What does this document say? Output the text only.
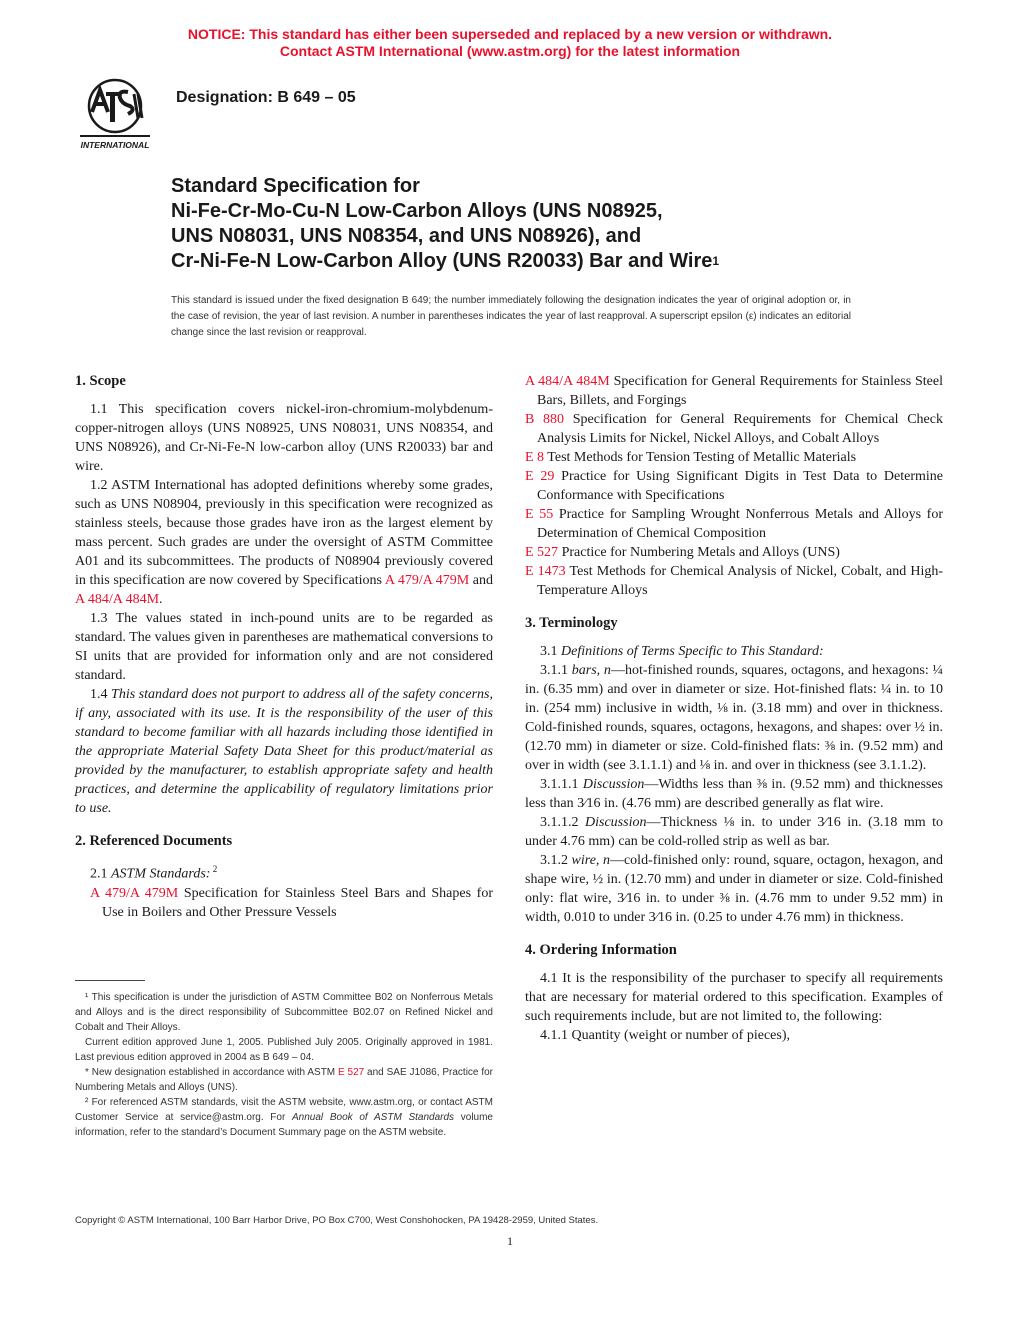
NOTICE: This standard has either been superseded and replaced by a new version or withdrawn.
Contact ASTM International (www.astm.org) for the latest information
INTERNATIONAL
Designation: B 649 – 05
Standard Specification for
Ni-Fe-Cr-Mo-Cu-N Low-Carbon Alloys (UNS N08925,
UNS N08031, UNS N08354, and UNS N08926), and
Cr-Ni-Fe-N Low-Carbon Alloy (UNS R20033) Bar and Wire$^1$
This standard is issued under the fixed designation B 649; the number immediately following the designation indicates the year of original adoption or, in the case of revision, the year of last revision. A number in parentheses indicates the year of last reapproval. A superscript epsilon (ε) indicates an editorial change since the last revision or reapproval.
1. Scope

1.1 This specification covers nickel-iron-chromium-molybdenum-copper-nitrogen alloys (UNS N08925, UNS N08031, UNS N08354, and UNS N08926), and Cr-Ni-Fe-N low-carbon alloy (UNS R20033) bar and wire.

1.2 ASTM International has adopted definitions whereby some grades, such as UNS N08904, previously in this specification were recognized as stainless steels, because those grades have iron as the largest element by mass percent. Such grades are under the oversight of ASTM Committee A01 and its subcommittees. The products of N08904 previously covered in this specification are now covered by Specifications A 479/A 479M and A 484/A 484M.

1.3 The values stated in inch-pound units are to be regarded as standard. The values given in parentheses are mathematical conversions to SI units that are provided for information only and are not considered standard.

1.4 This standard does not purport to address all of the safety concerns, if any, associated with its use. It is the responsibility of the user of this standard to become familiar with all hazards including those identified in the appropriate Material Safety Data Sheet for this product/material as provided by the manufacturer, to establish appropriate safety and health practices, and determine the applicability of regulatory limitations prior to use.

2. Referenced Documents

2.1 ASTM Standards: $^2$

A 479/A 479M Specification for Stainless Steel Bars and Shapes for Use in Boilers and Other Pressure Vessels

A 484/A 484M Specification for General Requirements for Stainless Steel Bars, Billets, and Forgings

B 880 Specification for General Requirements for Chemical Check Analysis Limits for Nickel, Nickel Alloys, and Cobalt Alloys

E 8 Test Methods for Tension Testing of Metallic Materials

E 29 Practice for Using Significant Digits in Test Data to Determine Conformance with Specifications

E 55 Practice for Sampling Wrought Nonferrous Metals and Alloys for Determination of Chemical Composition

E 527 Practice for Numbering Metals and Alloys (UNS)

E 1473 Test Methods for Chemical Analysis of Nickel, Cobalt, and High-Temperature Alloys

3. Terminology

3.1 Definitions of Terms Specific to This Standard:

3.1.1 bars, n—hot-finished rounds, squares, octagons, and hexagons: ¼ in. (6.35 mm) and over in diameter or size. Hot-finished flats: ¼ in. to 10 in. (254 mm) inclusive in width, ⅛ in. (3.18 mm) and over in thickness. Cold-finished rounds, squares, octagons, hexagons, and shapes: over ½ in. (12.70 mm) in diameter or size. Cold-finished flats: ⅜ in. (9.52 mm) and over in width (see 3.1.1.1) and ⅛ in. and over in thickness (see 3.1.1.2).

3.1.1.1 Discussion—Widths less than ⅜ in. (9.52 mm) and thicknesses less than 3⁄16 in. (4.76 mm) are described generally as flat wire.

3.1.1.2 Discussion—Thickness ⅛ in. to under 3⁄16 in. (3.18 mm to under 4.76 mm) can be cold-rolled strip as well as bar.

3.1.2 wire, n—cold-finished only: round, square, octagon, hexagon, and shape wire, ½ in. (12.70 mm) and under in diameter or size. Cold-finished only: flat wire, 3⁄16 in. to under ⅜ in. (4.76 mm to under 9.52 mm) in width, 0.010 to under 3⁄16 in. (0.25 to under 4.76 mm) in thickness.

4. Ordering Information

4.1 It is the responsibility of the purchaser to specify all requirements that are necessary for material ordered to this specification. Examples of such requirements include, but are not limited to, the following:

4.1.1 Quantity (weight or number of pieces),

¹ This specification is under the jurisdiction of ASTM Committee B02 on Nonferrous Metals and Alloys and is the direct responsibility of Subcommittee B02.07 on Refined Nickel and Cobalt and Their Alloys.

Current edition approved June 1, 2005. Published July 2005. Originally approved in 1981. Last previous edition approved in 2004 as B 649 – 04.

* New designation established in accordance with ASTM E 527 and SAE J1086, Practice for Numbering Metals and Alloys (UNS).

² For referenced ASTM standards, visit the ASTM website, www.astm.org, or contact ASTM Customer Service at service@astm.org. For Annual Book of ASTM Standards volume information, refer to the standard’s Document Summary page on the ASTM website.

Copyright © ASTM International, 100 Barr Harbor Drive, PO Box C700, West Conshohocken, PA 19428-2959, United States.
1
